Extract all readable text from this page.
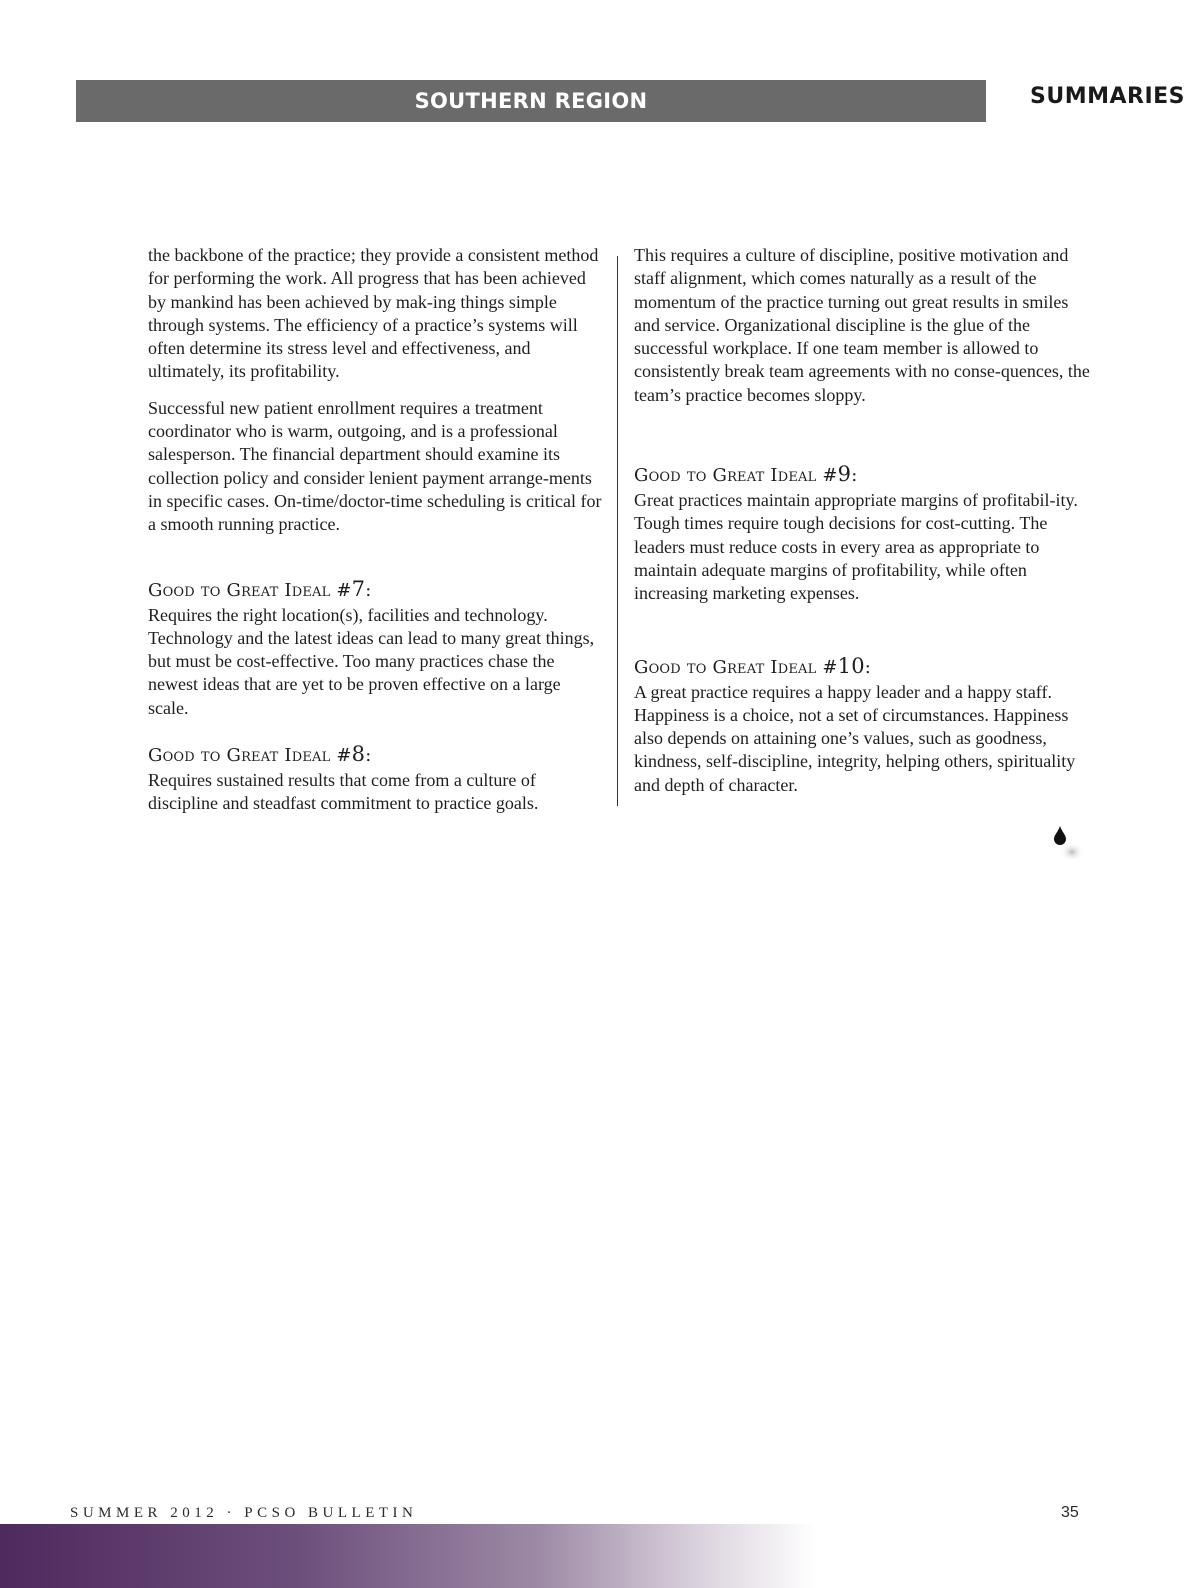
SOUTHERN REGION	SUMMARIES

the backbone of the practice; they provide a consistent method for performing the work. All progress that has been achieved by mankind has been achieved by mak-ing things simple through systems. The efficiency of a practice’s systems will often determine its stress level and effectiveness, and ultimately, its profitability.

Successful new patient enrollment requires a treatment coordinator who is warm, outgoing, and is a professional salesperson. The financial department should examine its collection policy and consider lenient payment arrange-ments in specific cases. On-time/doctor-time scheduling is critical for a smooth running practice.

Good to Great Ideal #7:

Requires the right location(s), facilities and technology. Technology and the latest ideas can lead to many great things, but must be cost-effective. Too many practices chase the newest ideas that are yet to be proven effective on a large scale.

Good to Great Ideal #8:

Requires sustained results that come from a culture of discipline and steadfast commitment to practice goals.

This requires a culture of discipline, positive motivation and staff alignment, which comes naturally as a result of the momentum of the practice turning out great results in smiles and service. Organizational discipline is the glue of the successful workplace. If one team member is allowed to consistently break team agreements with no conse-quences, the team’s practice becomes sloppy.

Good to Great Ideal #9:

Great practices maintain appropriate margins of profitabil-ity. Tough times require tough decisions for cost-cutting. The leaders must reduce costs in every area as appropriate to maintain adequate margins of profitability, while often increasing marketing expenses.

Good to Great Ideal #10:

A great practice requires a happy leader and a happy staff. Happiness is a choice, not a set of circumstances. Happiness also depends on attaining one’s values, such as goodness, kindness, self-discipline, integrity, helping others, spirituality and depth of character.

SUMMER 2012 · PCSO BULLETIN	35
